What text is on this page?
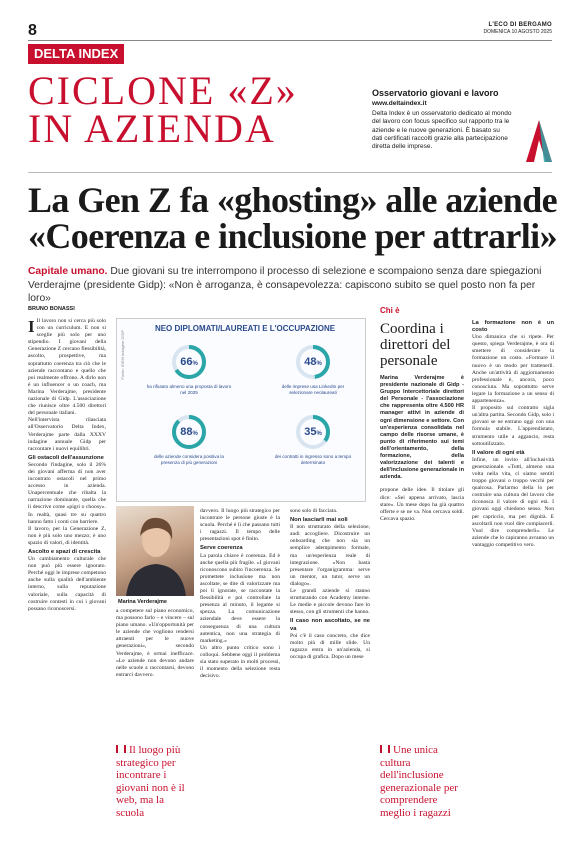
8	L'ECO DI BERGAMO
DOMENICA 10 AGOSTO 2025
DELTA INDEX
CICLONE «Z»
IN AZIENDA
Osservatorio giovani e lavoro
www.deltaindex.it
Delta Index è un osservatorio dedicato al mondo del lavoro con focus specifico sul rapporto tra le aziende e le nuove generazioni. È basato su dati certificati raccolti grazie alla partecipazione diretta delle imprese.
La Gen Z fa «ghosting» alle aziende
«Coerenza e inclusione per attrarli»
Capitale umano. Due giovani su tre interrompono il processo di selezione e scompaiono senza dare spiegazioni Verderajme (presidente Gidp): «Non è arroganza, è consapevolezza: capiscono subito se quel posto non fa per loro»
BRUNO BONASSI

I Il lavoro non si cerca più solo con un curriculum. E non si sceglie più solo per uno stipendio. I giovani della Generazione Z cercano flessibilità, ascolto, prospettive, ma soprattutto coerenza tra ciò che le aziende raccontano e quello che poi realmente offrono. A dirlo non è un influencer o un coach, ma Marina Verderajme, presidente nazionale di Gidp. L'associazione che riunisce oltre 4.500 direttori del personale italiani.

Nell'intervista rilasciata all'Osservatorio Delta Index, Verderajme parte dalla XXXV indagine annuale Gidp per raccontare i nuovi equilibri.

Gli ostacoli dell'assunzione

Secondo l'indagine, solo il 26% dei giovani afferma di non aver incontrato ostacoli nel primo accesso in azienda. Unapercentuale che ribalta la narrazione dominante, quella che li descrive come «pigri o choosy». In realtà, quasi tre su quattro hanno fatto i conti con barriere.

Il lavoro, per la Generazione Z, non è più solo uno mezzo; è uno spazio di valori, di identità.

Ascolto e spazi di crescita

Un cambiamento culturale che non può più essere ignorato. Perché oggi le imprese competono anche sulla qualità dell'ambiente interno, sulla reputazione valoriale, sulla capacità di costruire contesti in cui i giovani possano riconoscersi.

Fonte: IDEM indagine GIDP
NEO DIPLOMATI/LAUREATI E L'OCCUPAZIONE
66%
ha rifiutato almeno una proposta di lavoro nel 2025
48%
delle imprese usa LinkedIn per selezionare neolaureati
88%
delle aziende considera positiva la presenza di più generazioni
35%
dei contratti in ingresso sono a tempo determinato
Marina Verderajme
a competere sul piano economico, ma possono farlo – e vincere – sul piano umano. «Un'opportunità per le aziende che vogliono rendersi attraenti per le nuove generazioni», secondo Verderajme, è ormai inefficace. «Le aziende non devono andare nelle scuole a raccontarsi, devono entrarci davvero.
Il luogo più strategico per incontrare i giovani non è il web, ma la scuola

davvero. Il luogo più strategico per incontrare le persone giuste è la scuola. Perché è lì che passano tutti i ragazzi. Il tempo delle presentazioni spot è finito.

Serve coerenza

La parola chiave è coerenza. Ed è anche quella più fragile. «I giovani riconoscono subito l'incoerenza. Se promettete inclusione ma non ascoltate, se dite di valorizzare ma poi li ignorate, se raccontate la flessibilità e poi controllate la presenza al minuto, il legame si spezza. La comunicazione aziendale deve essere la conseguenza di una cultura autentica, non una strategia di marketing.»

Un altro punto critico sono i colloqui. Sebbene oggi il problema sia stato superato in molti processi, il momento della selezione resta decisivo.

sono solo di facciata.

Non lasciarli mai soli

Il non strutturato della selezione, audi accogliere. Dicostruire un onboarding che non sia un semplice adempimento formale, ma un'esperienza reale di integrazione. «Non basta presentare l'organigramma: serve un mentor, un tutor, serve un dialogo».

Le grandi aziende si stanno strutturando con Academy interne. Le medie e piccole devono fare lo stesso, con gli strumenti che hanno.

Il caso non ascoltato, se ne va

Poi c'è il caso concreto, che dice molto più di mille slide. Un ragazzo entra in un'azienda, si occupa di grafica. Dopo un mese

Chi è
Coordina i direttori del personale
Marina Verderajme è presidente nazionale di Gidp - Gruppo Intercettoriale direttori del Personale - l'associazione che rappresenta oltre 4.500 HR manager attivi in aziende di ogni dimensione e settore. Con un'esperienza consolidata nel campo delle risorse umane, è punto di riferimento sui temi dell'orientamento, della formazione, della valorizzazione dei talenti e dell'inclusione generazionale in azienda.
propone delle idee. Il titolare gli dice: «Sei appena arrivato, lascia stare». Un mese dopo ha già quattro offerte e se ne va. Non cercava soldi. Cercava spazio.
Une unica cultura dell'inclusione generazionale per comprendere meglio i ragazzi
La formazione non è un costo

Uno dimanica che si ripete. Per questo, spiega Verderajme, è ora di smettere di considerare la formazione un costo. «Formare il nuovo è un modo per trattenerli. Anche un'attività di aggiornamento professionale è, ancora, poco conosciuta. Ma soprattutto serve legare la formazione a un senso di appartenenza».

Il proposito sul contratto sigla un'altra partita. Secondo Gidp, solo i giovani se ne entrano oggi con una formula stabile. L'apprendistato, strumento utile a aggancio, resta sottoutilizzato.

Il valore di ogni età

Infine, un invito all'inclusività generazionale. «Tutti, almeno una volta nella vita, ci siamo sentiti troppo giovani o troppo vecchi per qualcosa. Parlarmo della lo per costruire una cultura del lavoro che riconosca il valore di ogni età. I giovani oggi chiedono senso. Non per capriccio, ma per dignità. E ascoltarli non vuol dire compiacerli. Vuol dire comprenderli». Le aziende che lo capiranno avranno un vantaggio competitivo vero.
